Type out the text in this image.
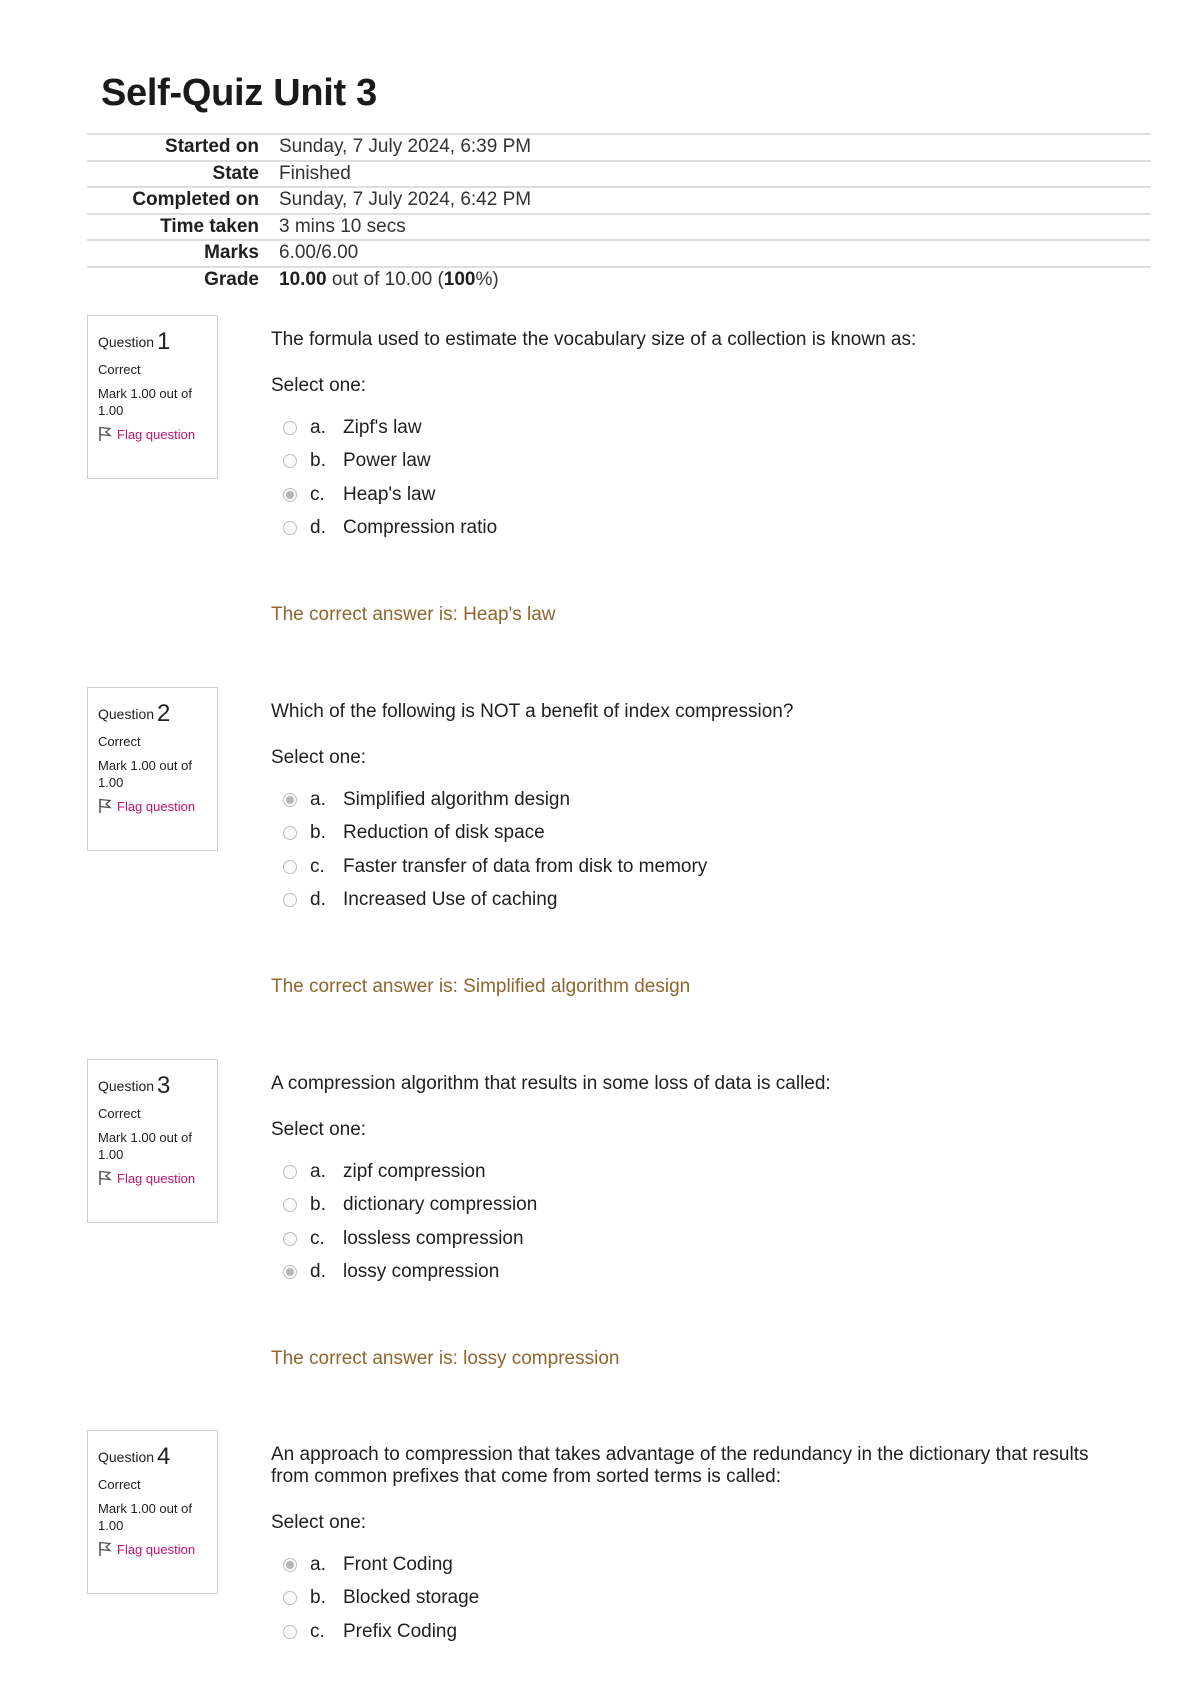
Self-Quiz Unit 3
Started on	Sunday, 7 July 2024, 6:39 PM
State	Finished
Completed on	Sunday, 7 July 2024, 6:42 PM
Time taken	3 mins 10 secs
Marks	6.00/6.00
Grade	10.00 out of 10.00 (100%)
Question 1
Correct
Mark 1.00 out of 1.00
Flag question
The formula used to estimate the vocabulary size of a collection is known as:
Select one:
a. Zipf's law
b. Power law
c. Heap's law
d. Compression ratio
The correct answer is: Heap's law
Question 2
Correct
Mark 1.00 out of 1.00
Flag question
Which of the following is NOT a benefit of index compression?
Select one:
a. Simplified algorithm design
b. Reduction of disk space
c. Faster transfer of data from disk to memory
d. Increased Use of caching
The correct answer is: Simplified algorithm design
Question 3
Correct
Mark 1.00 out of 1.00
Flag question
A compression algorithm that results in some loss of data is called:
Select one:
a. zipf compression
b. dictionary compression
c. lossless compression
d. lossy compression
The correct answer is: lossy compression
Question 4
Correct
Mark 1.00 out of 1.00
Flag question
An approach to compression that takes advantage of the redundancy in the dictionary that results from common prefixes that come from sorted terms is called:
Select one:
a. Front Coding
b. Blocked storage
c. Prefix Coding
